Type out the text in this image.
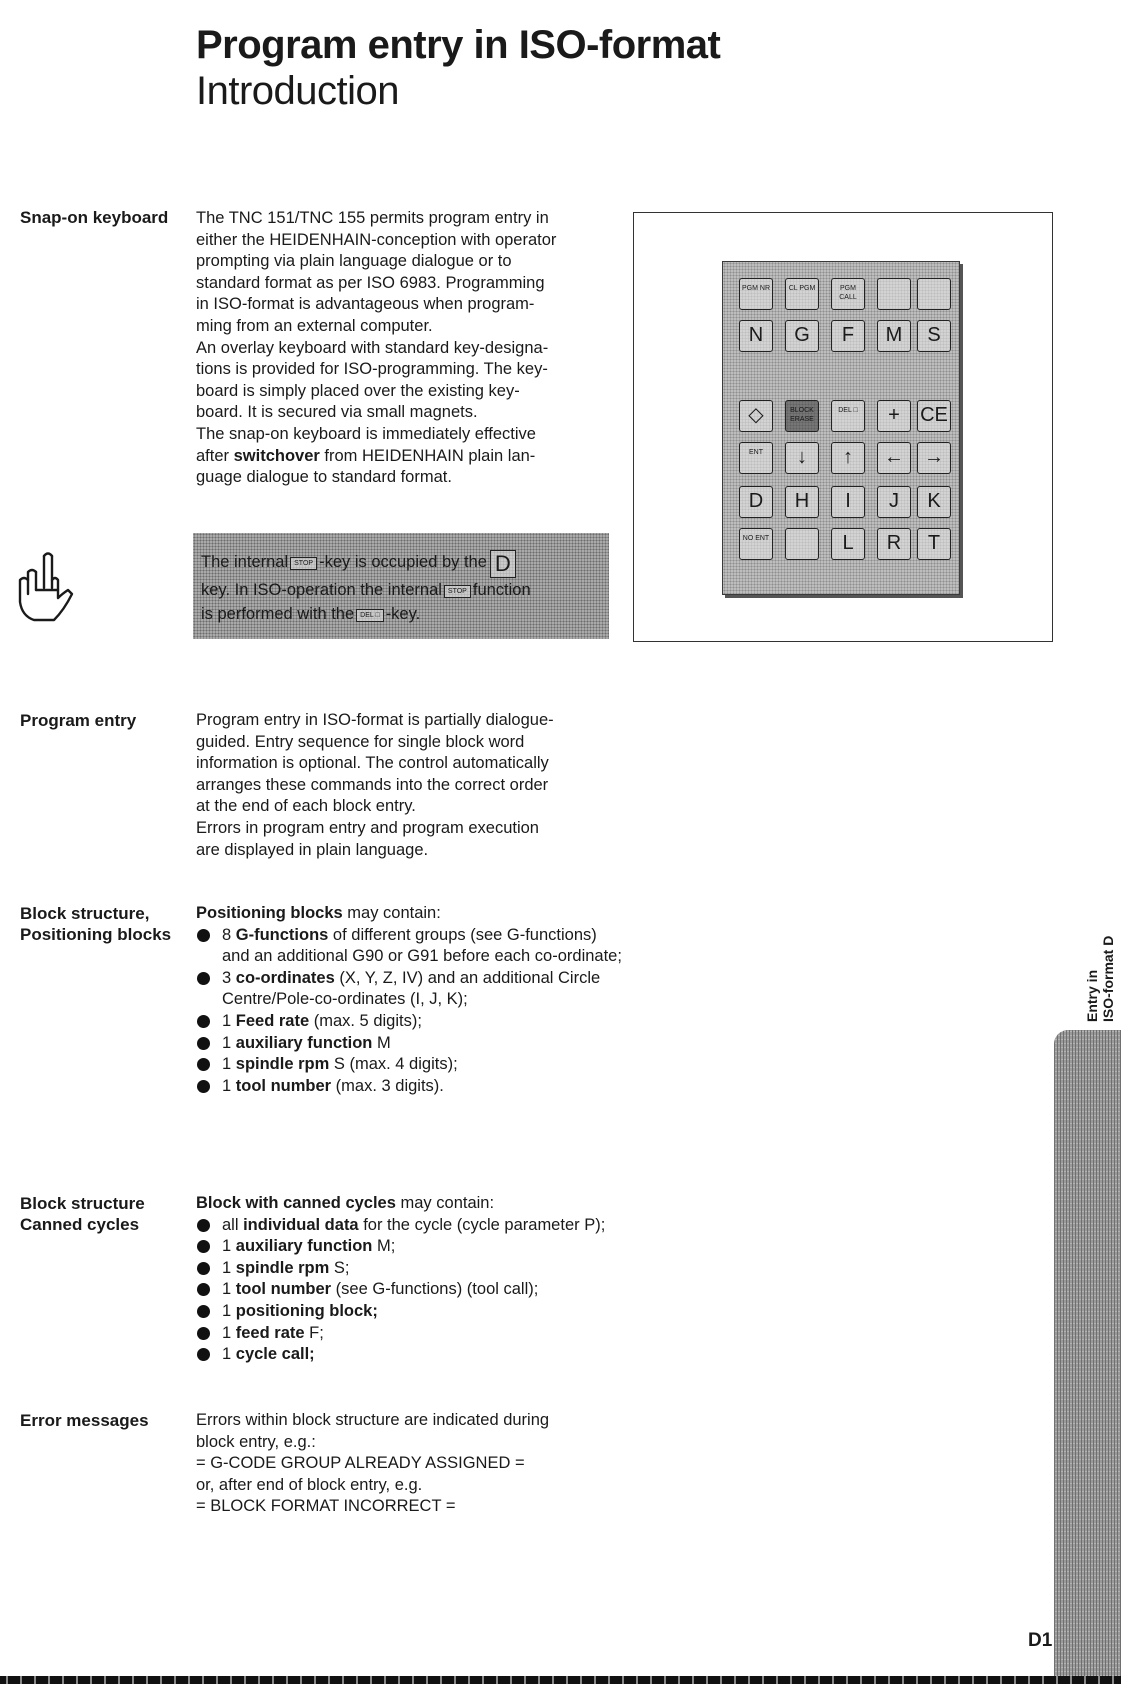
Program entry in ISO-format
Introduction
Snap-on keyboard	The TNC 151/TNC 155 permits program entry in

either the HEIDENHAIN-conception with operator

prompting via plain language dialogue or to

standard format as per ISO 6983. Programming

in ISO-format is advantageous when program-

ming from an external computer.

An overlay keyboard with standard key-designa-

tions is provided for ISO-programming. The key-

board is simply placed over the existing key-

board. It is secured via small magnets.

The snap-on keyboard is immediately effective

after switchover from HEIDENHAIN plain lan-

guage dialogue to standard format.

PGM NR	CL PGM	PGM CALL
N	G	F	M	S
◇	BLOCK ERASE
DEL □	+	CE
ENT	↓	↑	←	→
D	H	I	J	K
NO ENT	L	R	T
The internal STOP -key is occupied by the D
key. In ISO-operation the internal STOP function
is performed with the DEL □ -key.
Program entry	Program entry in ISO-format is partially dialogue-

guided. Entry sequence for single block word

information is optional. The control automatically

arranges these commands into the correct order

at the end of each block entry.

Errors in program entry and program execution

are displayed in plain language.

Block structure, Positioning blocks

Positioning blocks may contain:

8 G-functions of different groups (see G-functions) and an additional G90 or G91 before each co-ordinate;
3 co-ordinates (X, Y, Z, IV) and an additional Circle Centre/Pole-co-ordinates (I, J, K);
1 Feed rate (max. 5 digits);
1 auxiliary function M
1 spindle rpm S (max. 4 digits);
1 tool number (max. 3 digits).
Block structure Canned cycles

Block with canned cycles may contain:

all individual data for the cycle (cycle parameter P);
1 auxiliary function M;
1 spindle rpm S;
1 tool number (see G-functions) (tool call);
1 positioning block;
1 feed rate F;
1 cycle call;
Error messages	Errors within block structure are indicated during

block entry, e.g.:

= G-CODE GROUP ALREADY ASSIGNED =

or, after end of block entry, e.g.

= BLOCK FORMAT INCORRECT =

Entry in ISO-format D
D1
